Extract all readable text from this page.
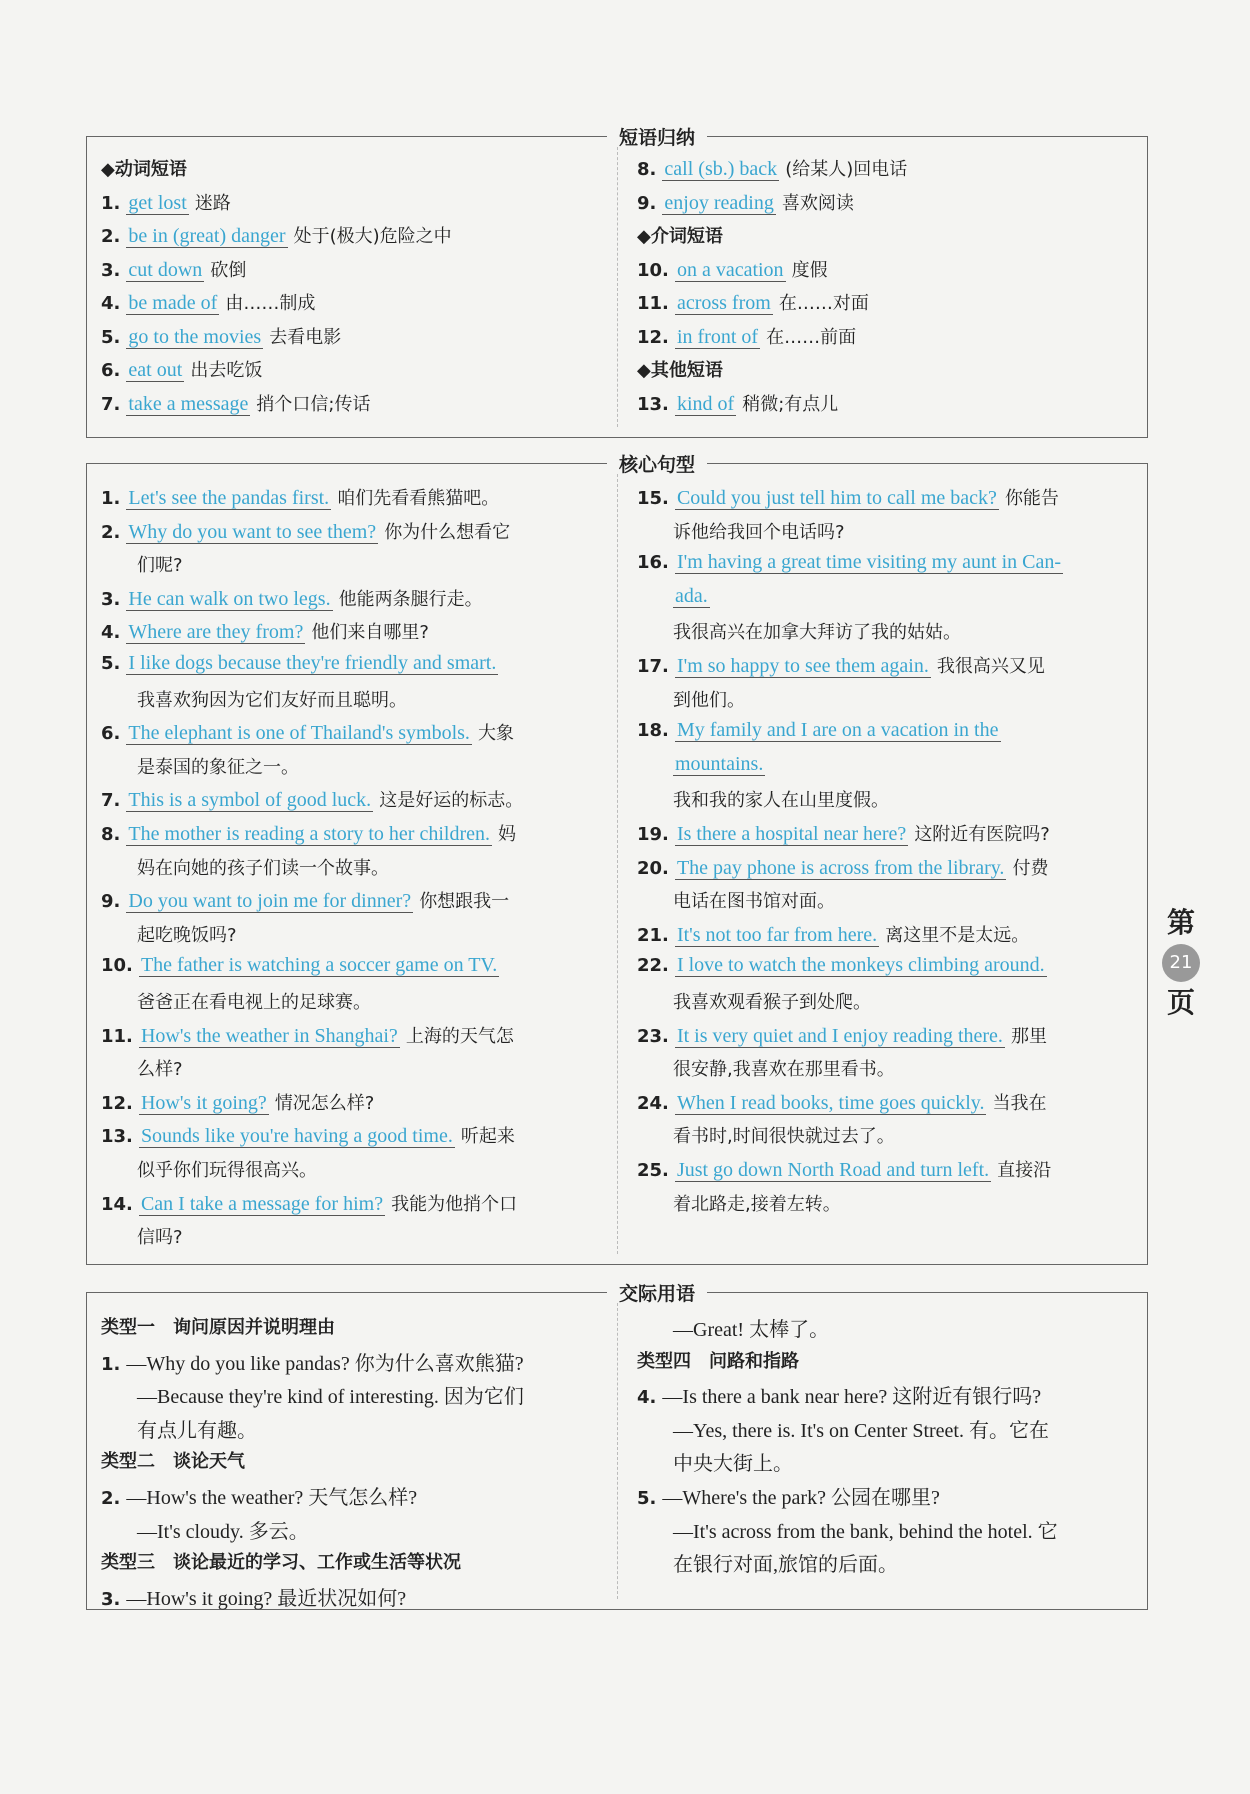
短语归纳
◆动词短语
1. get lost 迷路
2. be in (great) danger 处于(极大)危险之中
3. cut down 砍倒
4. be made of 由……制成
5. go to the movies 去看电影
6. eat out 出去吃饭
7. take a message 捎个口信;传话
8. call (sb.) back (给某人)回电话
9. enjoy reading 喜欢阅读
◆介词短语
10. on a vacation 度假
11. across from 在……对面
12. in front of 在……前面
◆其他短语
13. kind of 稍微;有点儿
核心句型
1. Let's see the pandas first. 咱们先看看熊猫吧。
2. Why do you want to see them? 你为什么想看它
们呢?
3. He can walk on two legs. 他能两条腿行走。
4. Where are they from? 他们来自哪里?
5. I like dogs because they're friendly and smart.
我喜欢狗因为它们友好而且聪明。
6. The elephant is one of Thailand's symbols. 大象
是泰国的象征之一。
7. This is a symbol of good luck. 这是好运的标志。
8. The mother is reading a story to her children. 妈
妈在向她的孩子们读一个故事。
9. Do you want to join me for dinner? 你想跟我一
起吃晚饭吗?
10. The father is watching a soccer game on TV.
爸爸正在看电视上的足球赛。
11. How's the weather in Shanghai? 上海的天气怎
么样?
12. How's it going? 情况怎么样?
13. Sounds like you're having a good time. 听起来
似乎你们玩得很高兴。
14. Can I take a message for him? 我能为他捎个口
信吗?
15. Could you just tell him to call me back? 你能告
诉他给我回个电话吗?
16. I'm having a great time visiting my aunt in Can-
ada.
我很高兴在加拿大拜访了我的姑姑。
17. I'm so happy to see them again. 我很高兴又见
到他们。
18. My family and I are on a vacation in the
mountains.
我和我的家人在山里度假。
19. Is there a hospital near here? 这附近有医院吗?
20. The pay phone is across from the library. 付费
电话在图书馆对面。
21. It's not too far from here. 离这里不是太远。
22. I love to watch the monkeys climbing around.
我喜欢观看猴子到处爬。
23. It is very quiet and I enjoy reading there. 那里
很安静,我喜欢在那里看书。
24. When I read books, time goes quickly. 当我在
看书时,时间很快就过去了。
25. Just go down North Road and turn left. 直接沿
着北路走,接着左转。
交际用语
类型一　询问原因并说明理由
1. —Why do you like pandas? 你为什么喜欢熊猫?
—Because they're kind of interesting. 因为它们
有点儿有趣。
类型二　谈论天气
2. —How's the weather? 天气怎么样?
—It's cloudy. 多云。
类型三　谈论最近的学习、工作或生活等状况
3. —How's it going? 最近状况如何?
—Great! 太棒了。
类型四　问路和指路
4. —Is there a bank near here? 这附近有银行吗?
—Yes, there is. It's on Center Street. 有。它在
中央大街上。
5. —Where's the park? 公园在哪里?
—It's across from the bank, behind the hotel. 它
在银行对面,旅馆的后面。
第
21
页
